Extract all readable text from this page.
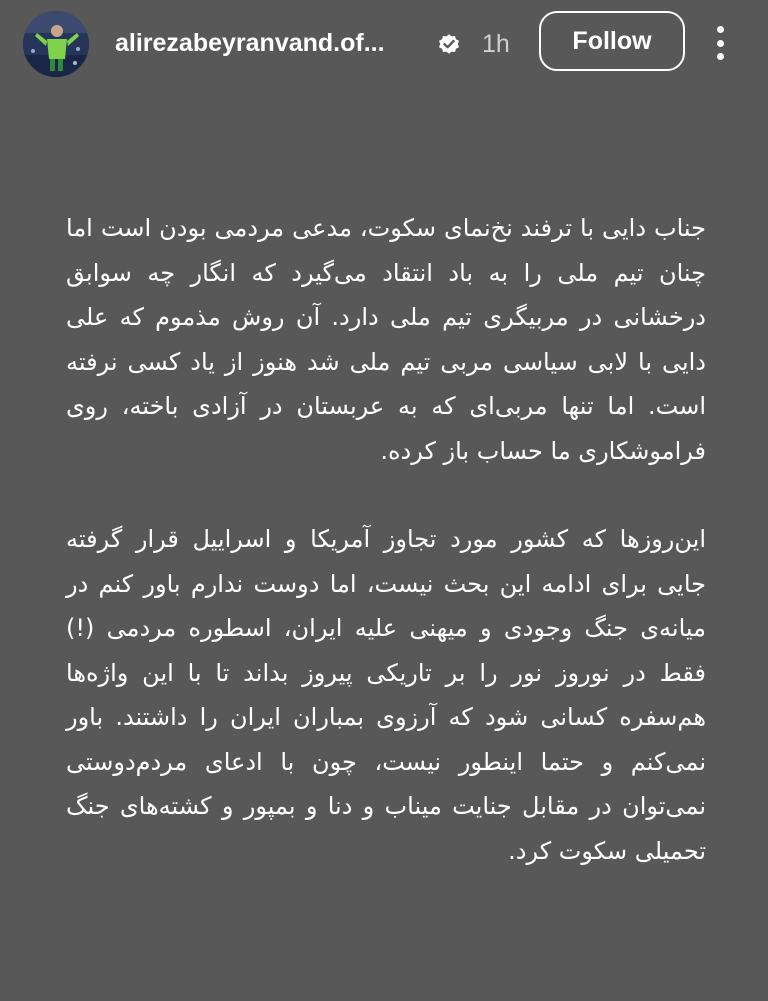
alirezabeyranvand.of...	1h	Follow

جناب دایی با ترفند نخ‌نمای سکوت، مدعی مردمی بودن است اما چنان تیم ملی را به باد انتقاد می‌گیرد که انگار چه سوابق درخشانی در مربیگری تیم ملی دارد. آن روش مذموم که علی دایی با لابی سیاسی مربی تیم ملی شد هنوز از یاد کسی نرفته است. اما تنها مربی‌ای که به عربستان در آزادی باخته، روی فراموشکاری ما حساب باز کرده.

این‌روزها که کشور مورد تجاوز آمریکا و اسراییل قرار گرفته جایی برای ادامه این بحث نیست، اما دوست ندارم باور کنم در میانه‌ی جنگ وجودی و میهنی علیه ایران، اسطوره مردمی (!) فقط در نوروز نور را بر تاریکی پیروز بداند تا با این واژه‌ها هم‌سفره کسانی شود که آرزوی بمباران ایران را داشتند. باور نمی‌کنم و حتما اینطور نیست، چون با ادعای مردم‌دوستی نمی‌توان در مقابل جنایت میناب و دنا و بمپور و کشته‌های جنگ تحمیلی سکوت کرد.
